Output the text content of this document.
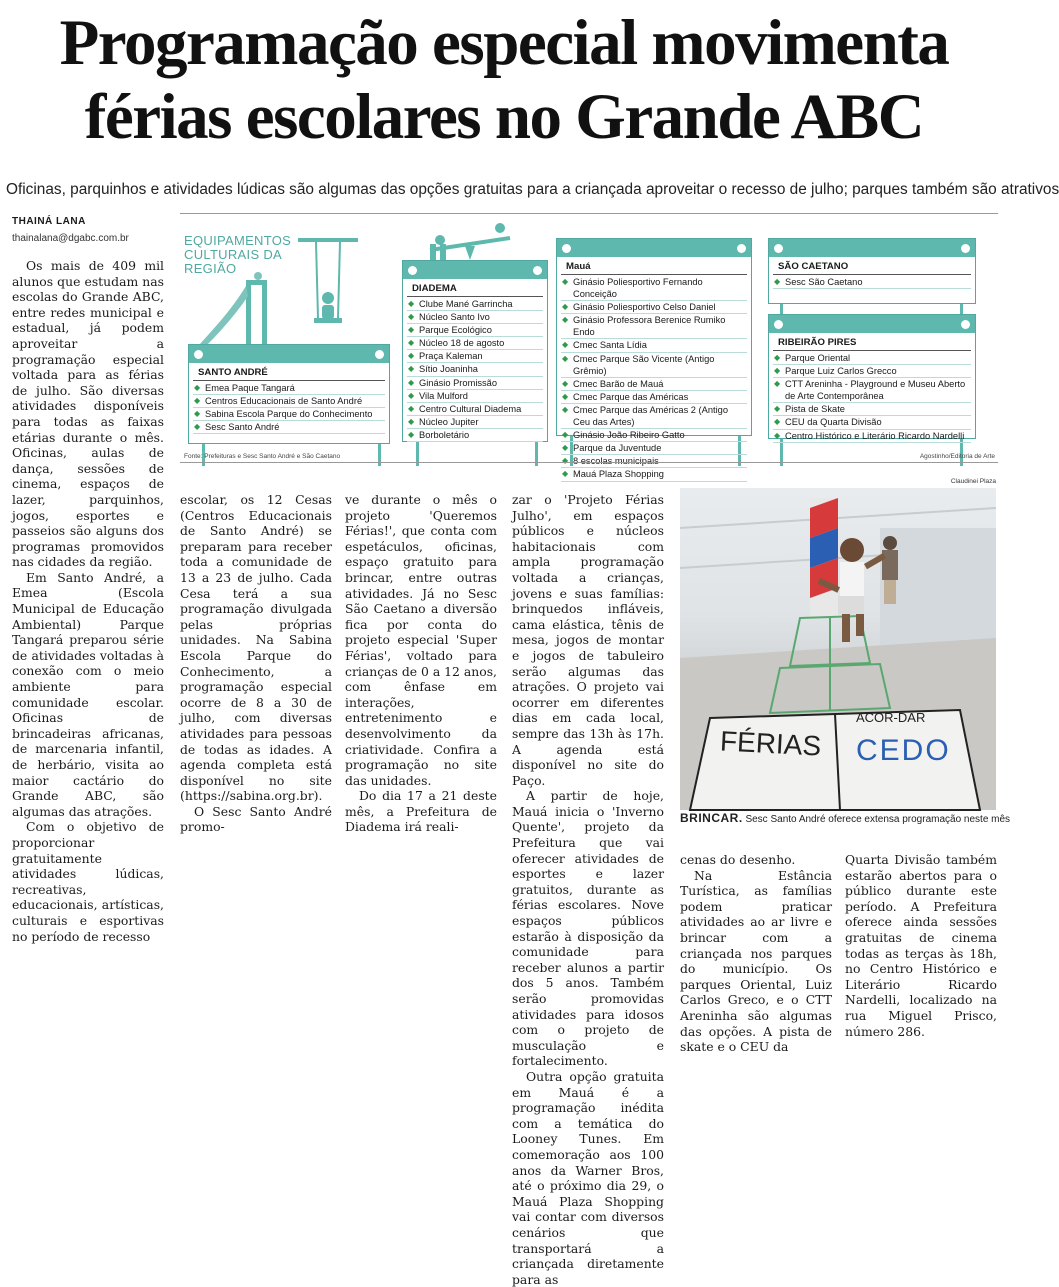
Programação especial movimenta
férias escolares no Grande ABC
Oficinas, parquinhos e atividades lúdicas são algumas das opções gratuitas para a criançada aproveitar o recesso de julho; parques também são atrativos
THAINÁ LANA
thainalana@dgabc.com.br	EQUIPAMENTOS
CULTURAIS DA
REGIÃO
SANTO ANDRÉ
◆ Emea Paque Tangará
◆ Centros Educacionais de Santo André
◆ Sabina Escola Parque do Conhecimento
◆ Sesc Santo André
DIADEMA
◆ Clube Mané Garrincha
◆ Núcleo Santo Ivo
◆ Parque Ecológico
◆ Núcleo 18 de agosto
◆ Praça Kaleman
◆ Sítio Joaninha
◆ Ginásio Promissão
◆ Vila Mulford
◆ Centro Cultural Diadema
◆ Núcleo Jupiter
◆ Borboletário
Mauá
◆ Ginásio Poliesportivo Fernando Conceição
◆ Ginásio Poliesportivo Celso Daniel
◆ Ginásio Professora Berenice Rumiko Endo
◆ Cmec Santa Lídia
◆ Cmec Parque São Vicente (Antigo Grêmio)
◆ Cmec Barão de Mauá
◆ Cmec Parque das Américas
◆ Cmec Parque das Américas 2 (Antigo Ceu das Artes)
◆ Ginásio João Ribeiro Gatto
◆ Parque da Juventude
◆ 8 escolas municipais
◆ Mauá Plaza Shopping
SÃO CAETANO
◆ Sesc São Caetano
RIBEIRÃO PIRES
◆ Parque Oriental
◆ Parque Luiz Carlos Grecco
◆ CTT Areninha - Playground e Museu Aberto de Arte Contemporânea
◆ Pista de Skate
◆ CEU da Quarta Divisão
◆ Centro Histórico e Literário Ricardo Nardelli
Fonte: Prefeituras e Sesc Santo André e São Caetano	Agostinho/Editoria de Arte

Os mais de 409 mil alunos que estudam nas escolas do Grande ABC, entre redes municipal e estadual, já podem aproveitar a programação especial voltada para as férias de julho. São diversas atividades disponíveis para todas as faixas etárias durante o mês. Oficinas, aulas de dança, sessões de cinema, espaços de lazer, parquinhos, jogos, esportes e passeios são alguns dos programas promovidos nas cidades da região.

Em Santo André, a Emea (Escola Municipal de Educação Ambiental) Parque Tangará preparou série de atividades voltadas à conexão com o meio ambiente para comunidade escolar. Oficinas de brincadeiras africanas, de marcenaria infantil, de herbário, visita ao maior cactário do Grande ABC, são algumas das atrações.

Com o objetivo de proporcionar gratuitamente atividades lúdicas, recreativas, educacionais, artísticas, culturais e esportivas no período de recesso

escolar, os 12 Cesas (Centros Educacionais de Santo André) se preparam para receber toda a comunidade de 13 a 23 de julho. Cada Cesa terá a sua programação divulgada pelas próprias unidades. Na Sabina Escola Parque do Conhecimento, a programação especial ocorre de 8 a 30 de julho, com diversas atividades para pessoas de todas as idades. A agenda completa está disponível no site (https://sabina.org.br).

O Sesc Santo André promo-

ve durante o mês o projeto 'Queremos Férias!', que conta com espetáculos, oficinas, espaço gratuito para brincar, entre outras atividades. Já no Sesc São Caetano a diversão fica por conta do projeto especial 'Super Férias', voltado para crianças de 0 a 12 anos, com ênfase em interações, entretenimento e desenvolvimento da criatividade. Confira a programação no site das unidades.

Do dia 17 a 21 deste mês, a Prefeitura de Diadema irá reali-

zar o 'Projeto Férias Julho', em espaços públicos e núcleos habitacionais com ampla programação voltada a crianças, jovens e suas famílias: brinquedos infláveis, cama elástica, tênis de mesa, jogos de montar e jogos de tabuleiro serão algumas das atrações. O projeto vai ocorrer em diferentes dias em cada local, sempre das 13h às 17h. A agenda está disponível no site do Paço.

A partir de hoje, Mauá inicia o 'Inverno Quente', projeto da Prefeitura que vai oferecer atividades de esportes e lazer gratuitos, durante as férias escolares. Nove espaços públicos estarão à disposição da comunidade para receber alunos a partir dos 5 anos. Também serão promovidas atividades para idosos com o projeto de musculação e fortalecimento.

Outra opção gratuita em Mauá é a programação inédita com a temática do Looney Tunes. Em comemoração aos 100 anos da Warner Bros, até o próximo dia 29, o Mauá Plaza Shopping vai contar com diversos cenários que transportará a criançada diretamente para as

cenas do desenho.

Na Estância Turística, as famílias podem praticar atividades ao ar livre e brincar com a criançada nos parques do município. Os parques Oriental, Luiz Carlos Greco, e o CTT Areninha são algumas das opções. A pista de skate e o CEU da

Quarta Divisão também estarão abertos para o público durante este período. A Prefeitura oferece ainda sessões gratuitas de cinema todas as terças às 18h, no Centro Histórico e Literário Ricardo Nardelli, localizado na rua Miguel Prisco, número 286.

Claudinei Plaza
FÉRIAS
ACOR-DAR
CEDO
BRINCAR. Sesc Santo André oferece extensa programação neste mês
